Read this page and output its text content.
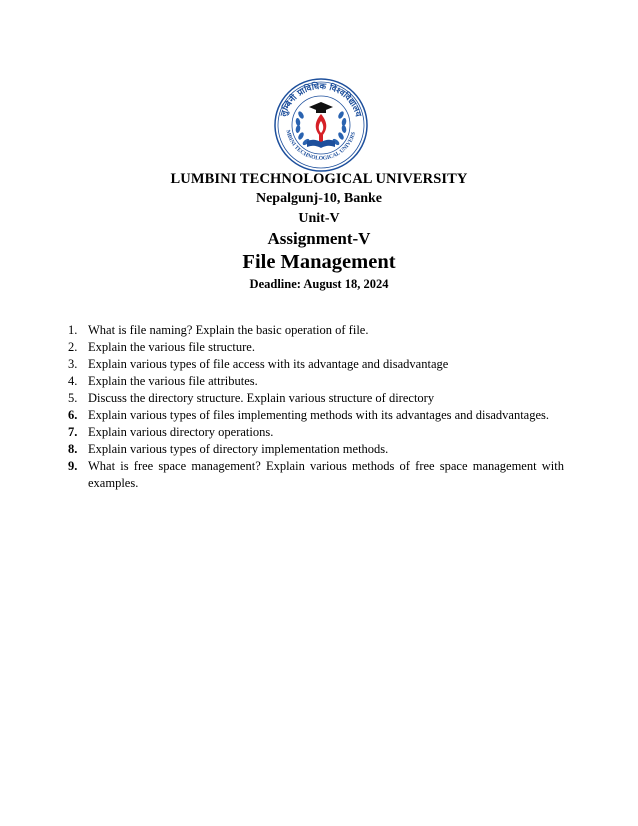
लुम्बिनी प्राविधिक विश्वविद्यालय
MBINI TECHNOLOGICAL UNIVERS
LUMBINI TECHNOLOGICAL UNIVERSITY
Nepalgunj-10, Banke
Unit-V
Assignment-V
File Management
Deadline: August 18, 2024
1. What is file naming? Explain the basic operation of file.
2. Explain the various file structure.
3. Explain various types of file access with its advantage and disadvantage
4. Explain the various file attributes.
5. Discuss the directory structure. Explain various structure of directory
6. Explain various types of files implementing methods with its advantages and disadvantages.
7. Explain various directory operations.
8. Explain various types of directory implementation methods.
9. What is free space management? Explain various methods of free space management with examples.
